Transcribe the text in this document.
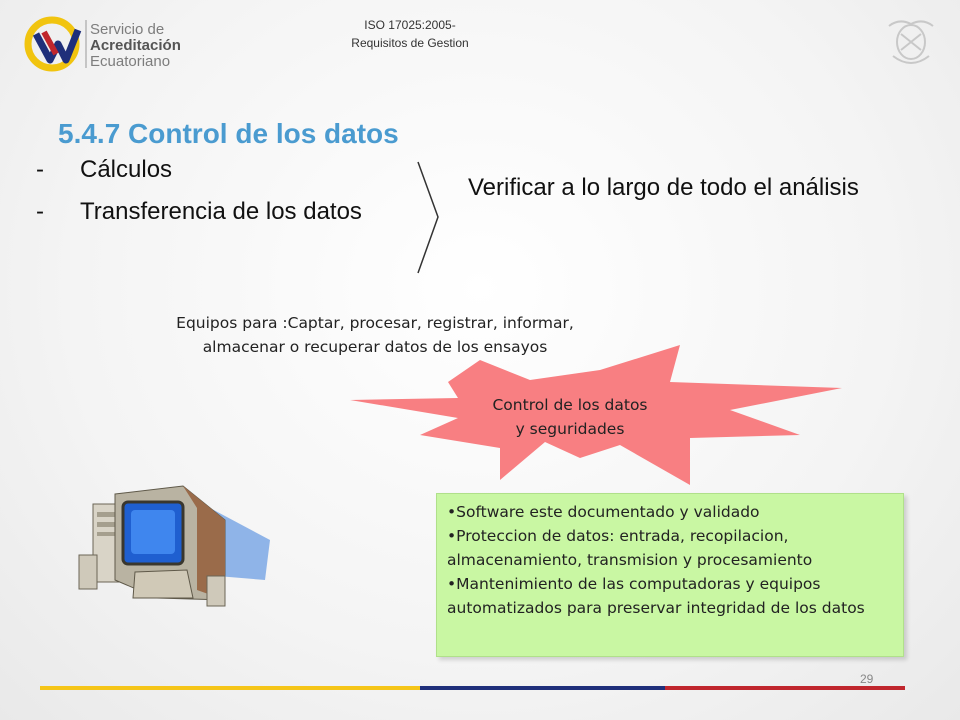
Servicio de
Acreditación
Ecuatoriano
ISO 17025:2005-
Requisitos de Gestion
5.4.7 Control de los datos
- Cálculos
- Transferencia de los datos
Verificar a lo largo de todo el análisis
Equipos para :Captar, procesar, registrar, informar, almacenar o recuperar datos de los ensayos
Control de los datos
y seguridades
•Software este documentado y validado
•Proteccion de datos: entrada, recopilacion, almacenamiento, transmision y procesamiento
•Mantenimiento de las computadoras y equipos automatizados para preservar integridad de los datos
29
